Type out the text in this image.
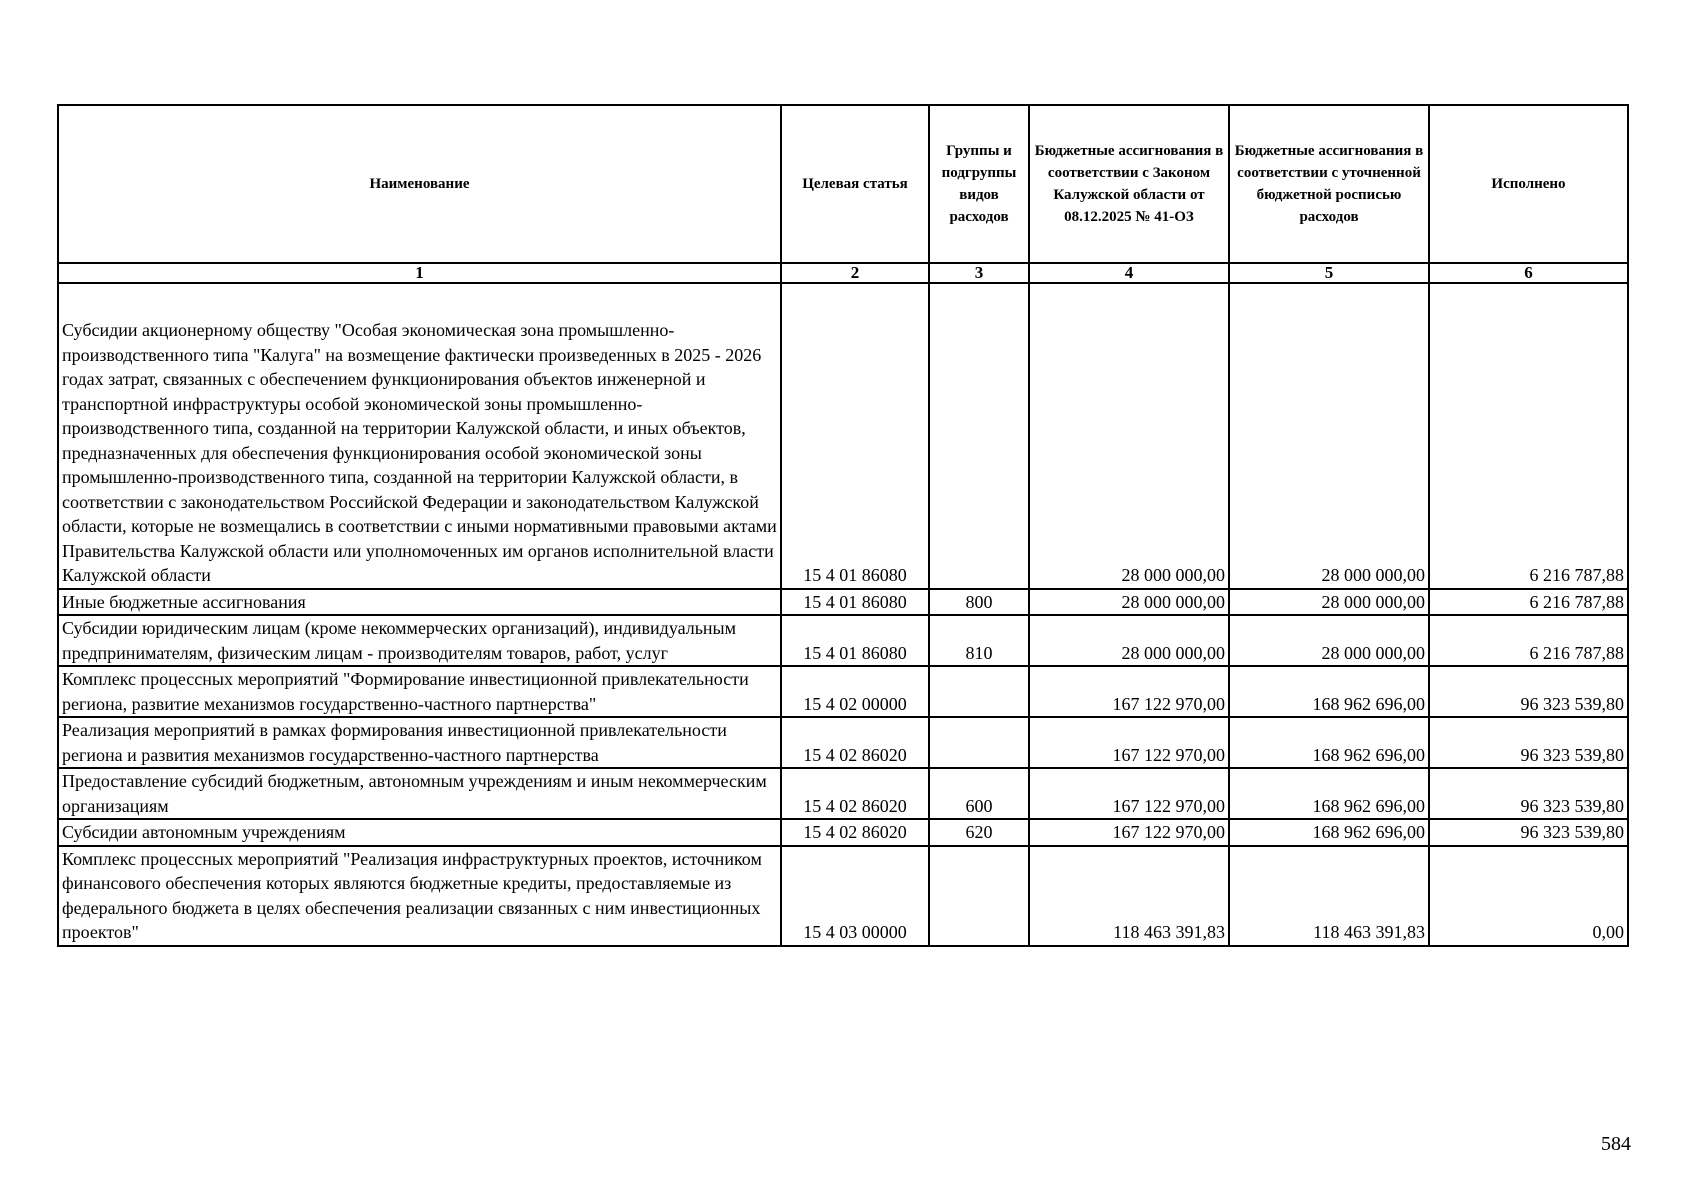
Наименование	Целевая статья	Группы и подгруппы видов расходов	Бюджетные ассигнования в соответствии с Законом Калужской области от 08.12.2025 № 41-ОЗ	Бюджетные ассигнования в соответствии с уточненной бюджетной росписью расходов	Исполнено
1	2	3	4	5	6
Субсидии акционерному обществу "Особая экономическая зона промышленно-производственного типа "Калуга" на возмещение фактически произведенных в 2025 - 2026 годах затрат, связанных с обеспечением функционирования объектов инженерной и транспортной инфраструктуры особой экономической зоны промышленно-производственного типа, созданной на территории Калужской области, и иных объектов, предназначенных для обеспечения функционирования особой экономической зоны промышленно-производственного типа, созданной на территории Калужской области, в соответствии с законодательством Российской Федерации и законодательством Калужской области, которые не возмещались в соответствии с иными нормативными правовыми актами Правительства Калужской области или уполномоченных им органов исполнительной власти Калужской области	15 4 01 86080		28 000 000,00	28 000 000,00	6 216 787,88
Иные бюджетные ассигнования	15 4 01 86080	800	28 000 000,00	28 000 000,00	6 216 787,88
Субсидии юридическим лицам (кроме некоммерческих организаций), индивидуальным предпринимателям, физическим лицам - производителям товаров, работ, услуг	15 4 01 86080	810	28 000 000,00	28 000 000,00	6 216 787,88
Комплекс процессных мероприятий "Формирование инвестиционной привлекательности региона, развитие механизмов государственно-частного партнерства"	15 4 02 00000		167 122 970,00	168 962 696,00	96 323 539,80
Реализация мероприятий в рамках формирования инвестиционной привлекательности региона и развития механизмов государственно-частного партнерства	15 4 02 86020		167 122 970,00	168 962 696,00	96 323 539,80
Предоставление субсидий бюджетным, автономным учреждениям и иным некоммерческим организациям	15 4 02 86020	600	167 122 970,00	168 962 696,00	96 323 539,80
Субсидии автономным учреждениям	15 4 02 86020	620	167 122 970,00	168 962 696,00	96 323 539,80
Комплекс процессных мероприятий "Реализация инфраструктурных проектов, источником финансового обеспечения которых являются бюджетные кредиты, предоставляемые из федерального бюджета в целях обеспечения реализации связанных с ним инвестиционных проектов"	15 4 03 00000		118 463 391,83	118 463 391,83	0,00
584
